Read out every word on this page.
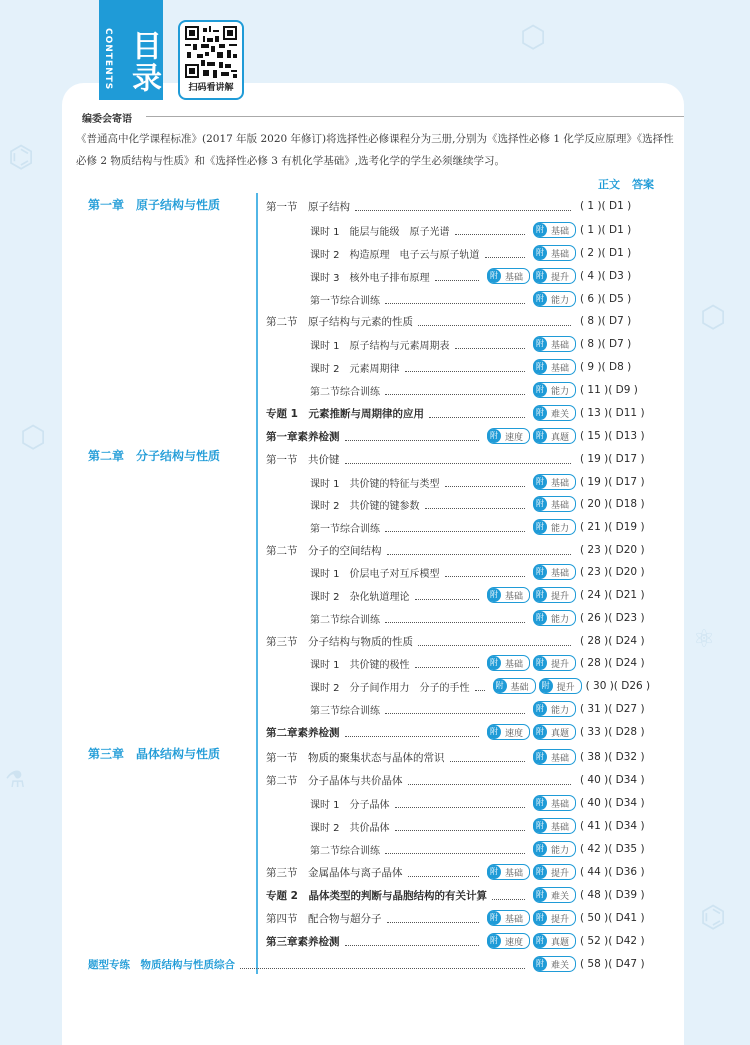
⌬
⬡
⚗
⬡
⚛
⌬
⬡
CONTENTS 目录	扫码看讲解
编委会寄语
《普通高中化学课程标准》(2017 年版 2020 年修订)将选择性必修课程分为三册,分别为《选择性必修 1 化学反应原理》《选择性必修 2 物质结构与性质》和《选择性必修 3 有机化学基础》,选考化学的学生必须继续学习。
正文 答案
第一章　原子结构与性质
第二章　分子结构与性质
第三章　晶体结构与性质
第一节　原子结构	( 1 )( D1 )
课时 1　能层与能级　原子光谱	附 基础	( 1 )( D1 )
课时 2　构造原理　电子云与原子轨道	附 基础	( 2 )( D1 )
课时 3　核外电子排布原理	附 基础	附 提升	( 4 )( D3 )
第一节综合训练	附 能力	( 6 )( D5 )
第二节　原子结构与元素的性质	( 8 )( D7 )
课时 1　原子结构与元素周期表	附 基础	( 8 )( D7 )
课时 2　元素周期律	附 基础	( 9 )( D8 )
第二节综合训练	附 能力	( 11 )( D9 )
专题 1　元素推断与周期律的应用	附 难关	( 13 )( D11 )
第一章素养检测	附 速度	附 真题	( 15 )( D13 )
第一节　共价键	( 19 )( D17 )
课时 1　共价键的特征与类型	附 基础	( 19 )( D17 )
课时 2　共价键的键参数	附 基础	( 20 )( D18 )
第一节综合训练	附 能力	( 21 )( D19 )
第二节　分子的空间结构	( 23 )( D20 )
课时 1　价层电子对互斥模型	附 基础	( 23 )( D20 )
课时 2　杂化轨道理论	附 基础	附 提升	( 24 )( D21 )
第二节综合训练	附 能力	( 26 )( D23 )
第三节　分子结构与物质的性质	( 28 )( D24 )
课时 1　共价键的极性	附 基础	附 提升	( 28 )( D24 )
课时 2　分子间作用力　分子的手性	附 基础	附 提升	( 30 )( D26 )
第三节综合训练	附 能力	( 31 )( D27 )
第二章素养检测	附 速度	附 真题	( 33 )( D28 )
第一节　物质的聚集状态与晶体的常识	附 基础	( 38 )( D32 )
第二节　分子晶体与共价晶体	( 40 )( D34 )
课时 1　分子晶体	附 基础	( 40 )( D34 )
课时 2　共价晶体	附 基础	( 41 )( D34 )
第二节综合训练	附 能力	( 42 )( D35 )
第三节　金属晶体与离子晶体	附 基础	附 提升	( 44 )( D36 )
专题 2　晶体类型的判断与晶胞结构的有关计算	附 难关	( 48 )( D39 )
第四节　配合物与超分子	附 基础	附 提升	( 50 )( D41 )
第三章素养检测	附 速度	附 真题	( 52 )( D42 )
题型专练　物质结构与性质综合	附 难关	( 58 )( D47 )
